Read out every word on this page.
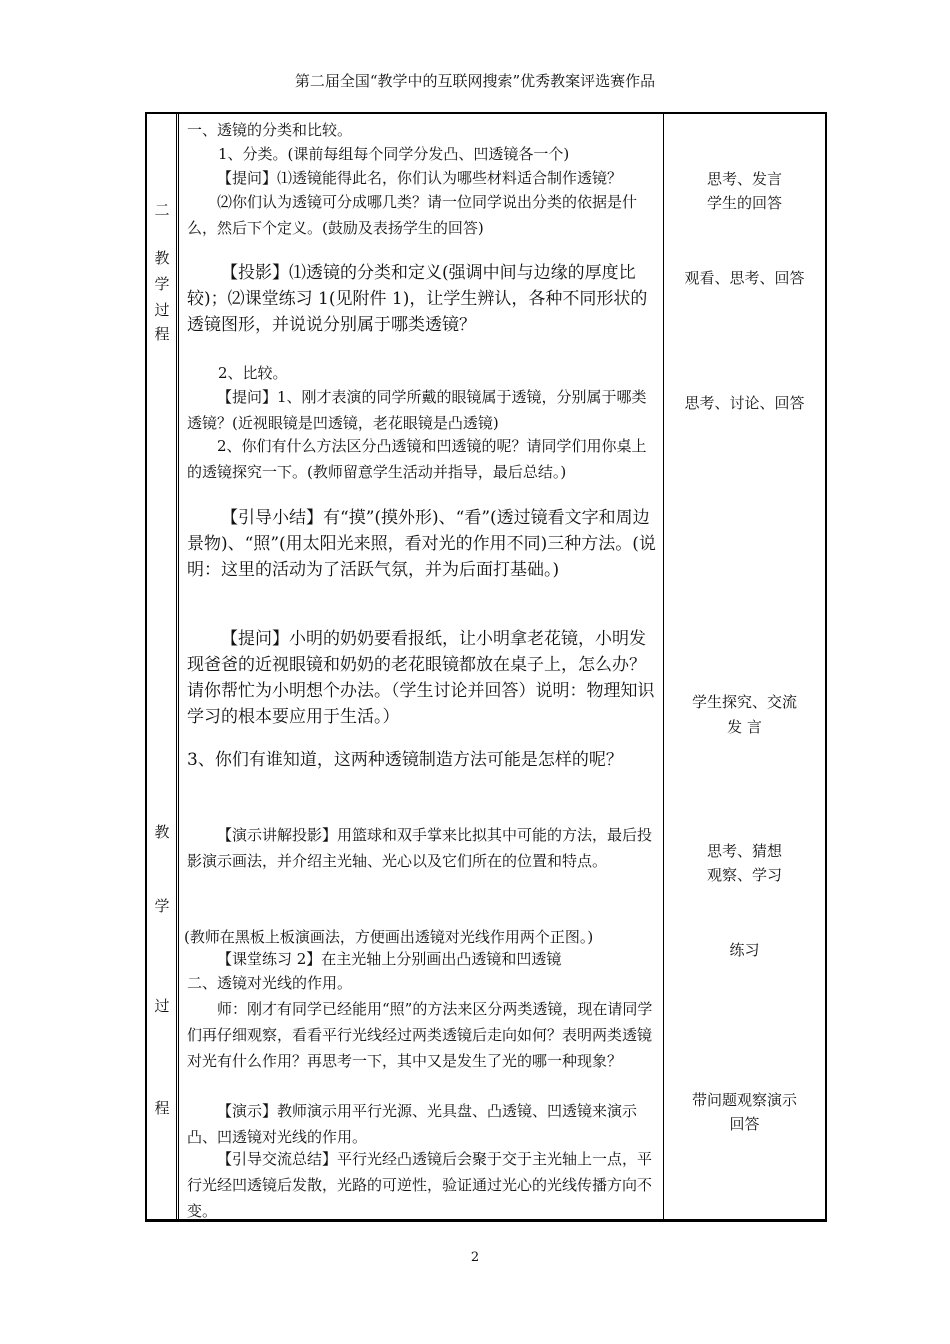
第二届全国“教学中的互联网搜索”优秀教案评选赛作品
二
教
学
过
程
教
学
过
程

一、透镜的分类和比较。

1、分类。(课前每组每个同学分发凸、凹透镜各一个)

【提问】⑴透镜能得此名，你们认为哪些材料适合制作透镜？

⑵你们认为透镜可分成哪几类？请一位同学说出分类的依据是什么，然后下个定义。(鼓励及表扬学生的回答)

【投影】⑴透镜的分类和定义(强调中间与边缘的厚度比较)；⑵课堂练习 1(见附件 1)，让学生辨认，各种不同形状的透镜图形，并说说分别属于哪类透镜？

2、比较。

【提问】1、刚才表演的同学所戴的眼镜属于透镜，分别属于哪类透镜？(近视眼镜是凹透镜，老花眼镜是凸透镜)

2、你们有什么方法区分凸透镜和凹透镜的呢？请同学们用你桌上的透镜探究一下。(教师留意学生活动并指导，最后总结。)

【引导小结】有“摸”(摸外形)、“看”(透过镜看文字和周边景物)、“照”(用太阳光来照，看对光的作用不同)三种方法。(说明：这里的活动为了活跃气氛，并为后面打基础。)

【提问】小明的奶奶要看报纸，让小明拿老花镜，小明发现爸爸的近视眼镜和奶奶的老花眼镜都放在桌子上，怎么办？请你帮忙为小明想个办法。（学生讨论并回答）说明：物理知识学习的根本要应用于生活。）

3、你们有谁知道，这两种透镜制造方法可能是怎样的呢？

【演示讲解投影】用篮球和双手掌来比拟其中可能的方法，最后投影演示画法，并介绍主光轴、光心以及它们所在的位置和特点。

(教师在黑板上板演画法，方便画出透镜对光线作用两个正图。)

【课堂练习 2】在主光轴上分别画出凸透镜和凹透镜

二、透镜对光线的作用。

师：刚才有同学已经能用“照”的方法来区分两类透镜，现在请同学们再仔细观察，看看平行光线经过两类透镜后走向如何？表明两类透镜对光有什么作用？再思考一下，其中又是发生了光的哪一种现象？

【演示】教师演示用平行光源、光具盘、凸透镜、凹透镜来演示凸、凹透镜对光线的作用。

【引导交流总结】平行光经凸透镜后会聚于交于主光轴上一点，平行光经凹透镜后发散，光路的可逆性，验证通过光心的光线传播方向不变。

思考、发言
学生的回答
观看、思考、回答
思考、讨论、回答
学生探究、交流
发 言
思考、猜想
观察、学习
练习
带问题观察演示
回答
2
